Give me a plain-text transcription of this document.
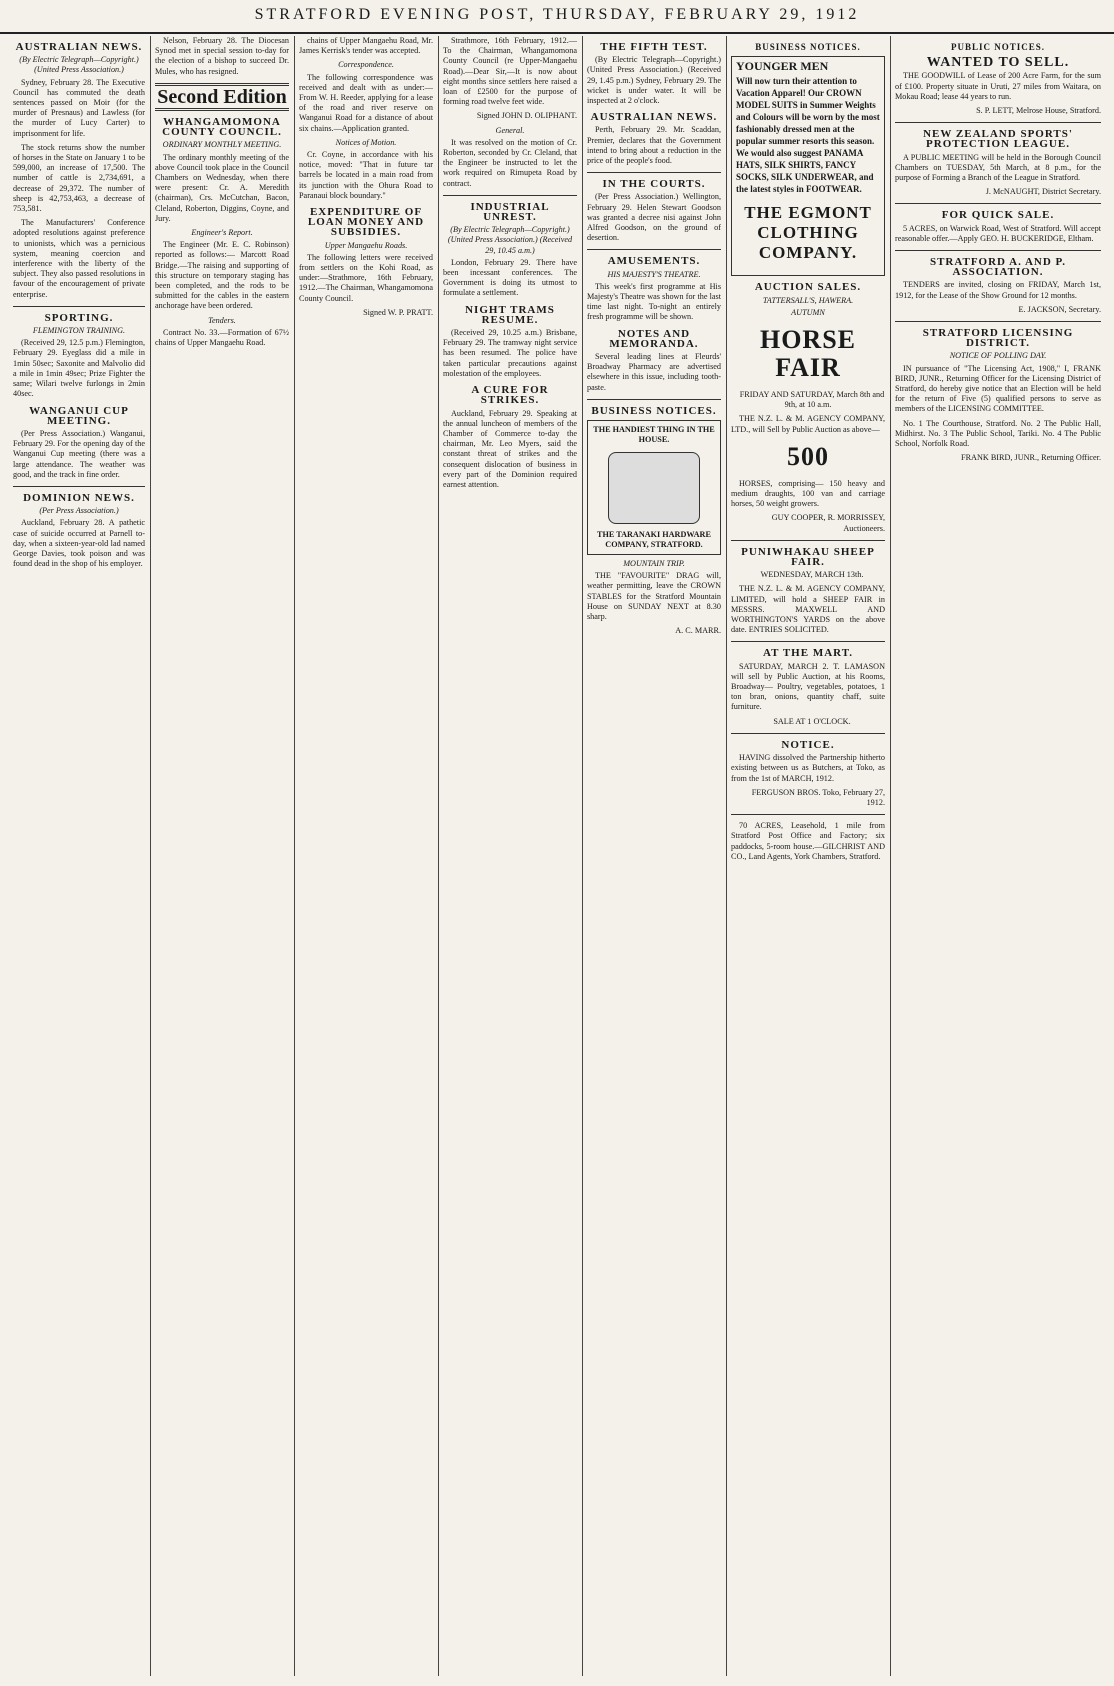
STRATFORD EVENING POST, THURSDAY, FEBRUARY 29, 1912
AUSTRALIAN NEWS.
(By Electric Telegraph—Copyright.) (United Press Association.)

Sydney, February 28. The Executive Council has commuted the death sentences passed on Moir (for the murder of Presnaus) and Lawless (for the murder of Lucy Carter) to imprisonment for life.

The stock returns show the number of horses in the State on January 1 to be 599,000, an increase of 17,500. The number of cattle is 2,734,691, a decrease of 29,372. The number of sheep is 42,753,463, a decrease of 753,581.

The Manufacturers' Conference adopted resolutions against preference to unionists, which was a pernicious system, meaning coercion and interference with the liberty of the subject. They also passed resolutions in favour of the encouragement of private enterprise.

SPORTING.
FLEMINGTON TRAINING.

(Received 29, 12.5 p.m.) Flemington, February 29. Eyeglass did a mile in 1min 50sec; Saxonite and Malvolio did a mile in 1min 49sec; Prize Fighter the same; Wilari twelve furlongs in 2min 40sec.

WANGANUI CUP MEETING.

(Per Press Association.) Wanganui, February 29. For the opening day of the Wanganui Cup meeting (there was a large attendance. The weather was good, and the track in fine order.

DOMINION NEWS.
(Per Press Association.)

Auckland, February 28. A pathetic case of suicide occurred at Parnell to-day, when a sixteen-year-old lad named George Davies, took poison and was found dead in the shop of his employer.

Nelson, February 28. The Diocesan Synod met in special session to-day for the election of a bishop to succeed Dr. Mules, who has resigned.

Second Edition
WHANGAMOMONA COUNTY COUNCIL.
ORDINARY MONTHLY MEETING.

The ordinary monthly meeting of the above Council took place in the Council Chambers on Wednesday, when there were present: Cr. A. Meredith (chairman), Crs. McCutchan, Bacon, Cleland, Roberton, Diggins, Coyne, and Jury.

Engineer's Report.

The Engineer (Mr. E. C. Robinson) reported as follows:— Marcott Road Bridge.—The raising and supporting of this structure on temporary staging has been completed, and the rods to be submitted for the cables in the eastern anchorage have been ordered.

Tenders.

Contract No. 33.—Formation of 67½ chains of Upper Mangaehu Road.

chains of Upper Mangaehu Road, Mr. James Kerrisk's tender was accepted.

Correspondence.

The following correspondence was received and dealt with as under:— From W. H. Reeder, applying for a lease of the road and river reserve on Wanganui Road for a distance of about six chains.—Application granted.

Notices of Motion.

Cr. Coyne, in accordance with his notice, moved: "That in future tar barrels be located in a main road from its junction with the Ohura Road to Paranaui block boundary."

EXPENDITURE OF LOAN MONEY AND SUBSIDIES.
Upper Mangaehu Roads.

The following letters were received from settlers on the Kohi Road, as under:—Strathmore, 16th February, 1912.—The Chairman, Whangamomona County Council.

Signed W. P. PRATT.

Strathmore, 16th February, 1912.— To the Chairman, Whangamomona County Council (re Upper-Mangaehu Road).—Dear Sir,—It is now about eight months since settlers here raised a loan of £2500 for the purpose of forming road twelve feet wide.

Signed JOHN D. OLIPHANT.

General.

It was resolved on the motion of Cr. Roberton, seconded by Cr. Cleland, that the Engineer be instructed to let the work required on Rimupeta Road by contract.

INDUSTRIAL UNREST.
(By Electric Telegraph—Copyright.) (United Press Association.) (Received 29, 10.45 a.m.)

London, February 29. There have been incessant conferences. The Government is doing its utmost to formulate a settlement.

NIGHT TRAMS RESUME.

(Received 29, 10.25 a.m.) Brisbane, February 29. The tramway night service has been resumed. The police have taken particular precautions against molestation of the employees.

A CURE FOR STRIKES.

Auckland, February 29. Speaking at the annual luncheon of members of the Chamber of Commerce to-day the chairman, Mr. Leo Myers, said the constant threat of strikes and the consequent dislocation of business in every part of the Dominion required earnest attention.

THE FIFTH TEST.

(By Electric Telegraph—Copyright.) (United Press Association.) (Received 29, 1.45 p.m.) Sydney, February 29. The wicket is under water. It will be inspected at 2 o'clock.

AUSTRALIAN NEWS.

Perth, February 29. Mr. Scaddan, Premier, declares that the Government intend to bring about a reduction in the price of the people's food.

IN THE COURTS.

(Per Press Association.) Wellington, February 29. Helen Stewart Goodson was granted a decree nisi against John Alfred Goodson, on the ground of desertion.

AMUSEMENTS.
HIS MAJESTY'S THEATRE.

This week's first programme at His Majesty's Theatre was shown for the last time last night. To-night an entirely fresh programme will be shown.

NOTES AND MEMORANDA.

Several leading lines at Fleurds' Broadway Pharmacy are advertised elsewhere in this issue, including tooth-paste.

BUSINESS NOTICES.
THE HANDIEST THING IN THE HOUSE.
THE TARANAKI HARDWARE COMPANY, STRATFORD.
MOUNTAIN TRIP.

THE "FAVOURITE" DRAG will, weather permitting, leave the CROWN STABLES for the Stratford Mountain House on SUNDAY NEXT at 8.30 sharp.

A. C. MARR.

BUSINESS NOTICES.
YOUNGER MEN
Will now turn their attention to Vacation Apparel! Our CROWN MODEL SUITS in Summer Weights and Colours will be worn by the most fashionably dressed men at the popular summer resorts this season. We would also suggest PANAMA HATS, SILK SHIRTS, FANCY SOCKS, SILK UNDERWEAR, and the latest styles in FOOTWEAR.
THE EGMONT CLOTHING COMPANY.
AUCTION SALES.
TATTERSALL'S, HAWERA.
AUTUMN
HORSE FAIR

FRIDAY AND SATURDAY, March 8th and 9th, at 10 a.m.

THE N.Z. L. & M. AGENCY COMPANY, LTD., will Sell by Public Auction as above—

500

HORSES, comprising— 150 heavy and medium draughts, 100 van and carriage horses, 50 weight growers.

GUY COOPER, R. MORRISSEY, Auctioneers.

PUNIWHAKAU SHEEP FAIR.

WEDNESDAY, MARCH 13th.

THE N.Z. L. & M. AGENCY COMPANY, LIMITED, will hold a SHEEP FAIR in MESSRS. MAXWELL AND WORTHINGTON'S YARDS on the above date. ENTRIES SOLICITED.

AT THE MART.

SATURDAY, MARCH 2. T. LAMASON will sell by Public Auction, at his Rooms, Broadway— Poultry, vegetables, potatoes, 1 ton bran, onions, quantity chaff, suite furniture.

SALE AT 1 O'CLOCK.

NOTICE.

HAVING dissolved the Partnership hitherto existing between us as Butchers, at Toko, as from the 1st of MARCH, 1912.

FERGUSON BROS. Toko, February 27, 1912.

70 ACRES, Leasehold, 1 mile from Stratford Post Office and Factory; six paddocks, 5-room house.—GILCHRIST AND CO., Land Agents, York Chambers, Stratford.

PUBLIC NOTICES.
WANTED TO SELL.

THE GOODWILL of Lease of 200 Acre Farm, for the sum of £100. Property situate in Uruti, 27 miles from Waitara, on Mokau Road; lease 44 years to run.

S. P. LETT, Melrose House, Stratford.

NEW ZEALAND SPORTS' PROTECTION LEAGUE.

A PUBLIC MEETING will be held in the Borough Council Chambers on TUESDAY, 5th March, at 8 p.m., for the purpose of Forming a Branch of the League in Stratford.

J. McNAUGHT, District Secretary.

FOR QUICK SALE.

5 ACRES, on Warwick Road, West of Stratford. Will accept reasonable offer.—Apply GEO. H. BUCKERIDGE, Eltham.

STRATFORD A. AND P. ASSOCIATION.

TENDERS are invited, closing on FRIDAY, March 1st, 1912, for the Lease of the Show Ground for 12 months.

E. JACKSON, Secretary.

STRATFORD LICENSING DISTRICT.
NOTICE OF POLLING DAY.

IN pursuance of "The Licensing Act, 1908," I, FRANK BIRD, JUNR., Returning Officer for the Licensing District of Stratford, do hereby give notice that an Election will be held for the return of Five (5) qualified persons to serve as members of the LICENSING COMMITTEE.

No. 1 The Courthouse, Stratford. No. 2 The Public Hall, Midhirst. No. 3 The Public School, Tariki. No. 4 The Public School, Norfolk Road.

FRANK BIRD, JUNR., Returning Officer.
